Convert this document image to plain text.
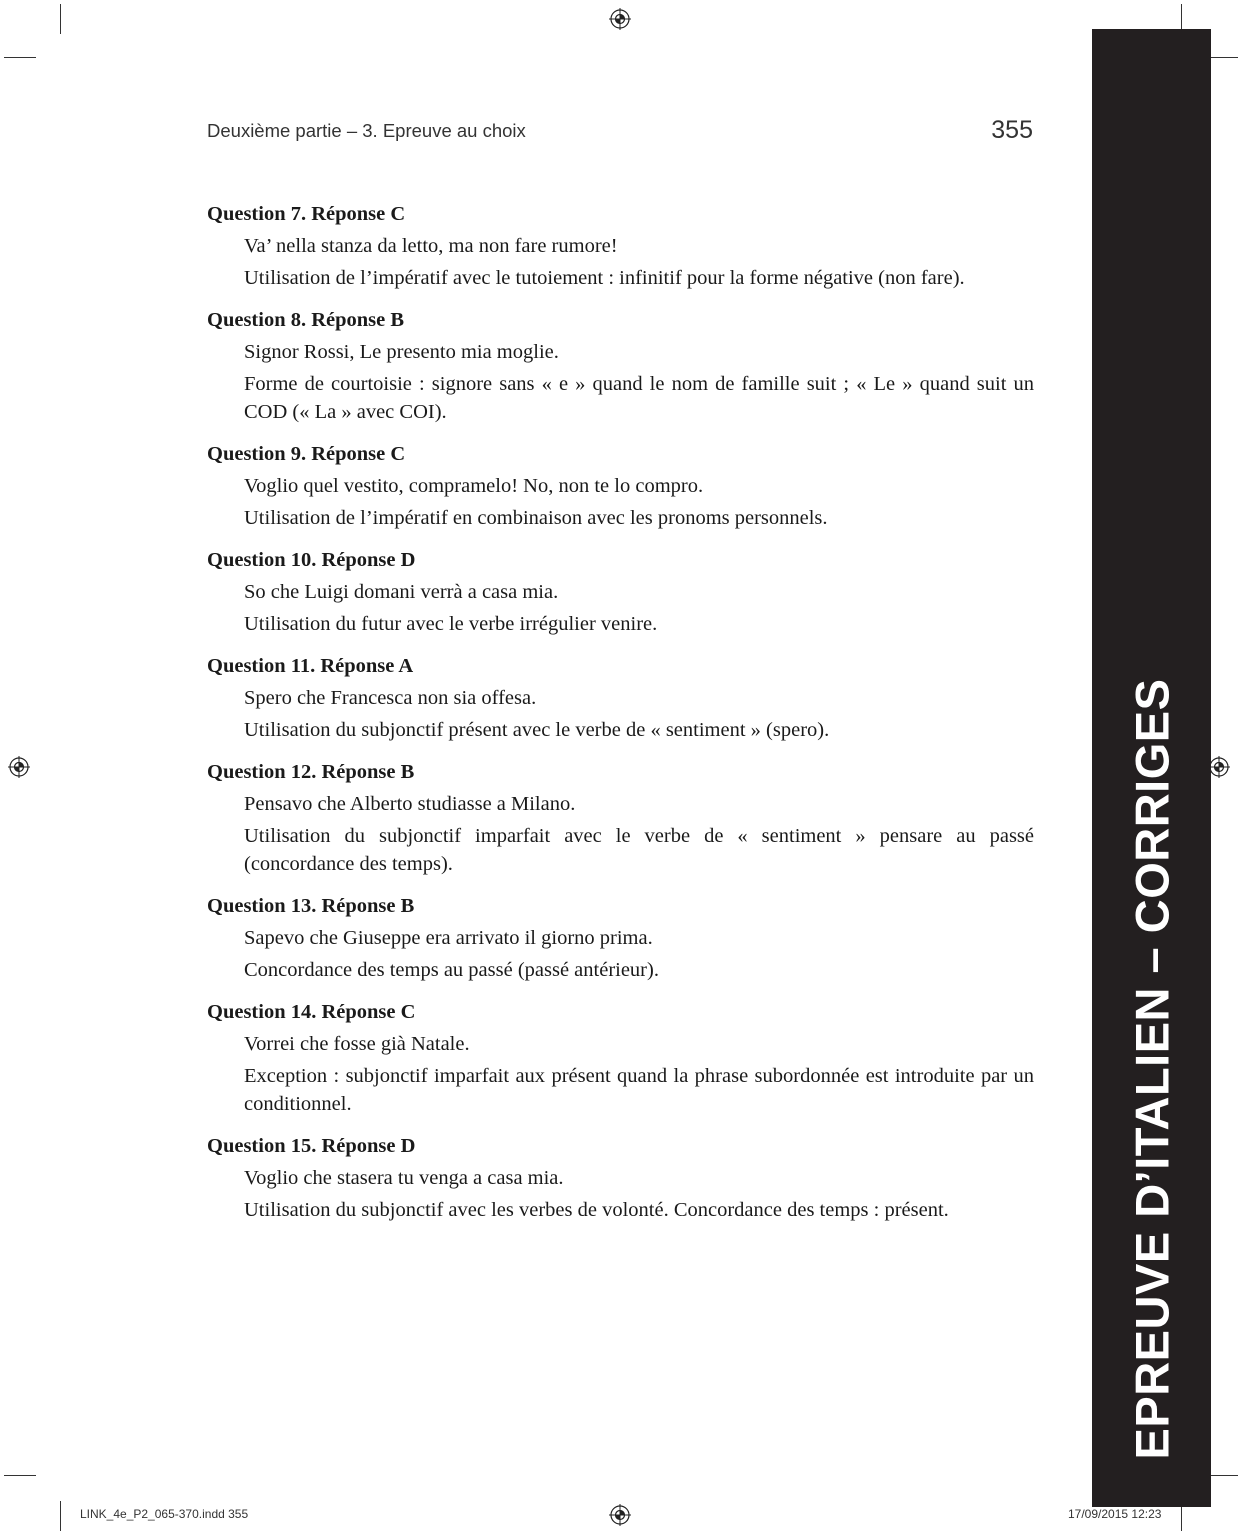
Deuxième partie – 3. Epreuve au choix	355
Question 7. Réponse C
Va’ nella stanza da letto, ma non fare rumore!
Utilisation de l’impératif avec le tutoiement : infinitif pour la forme négative (non fare).
Question 8. Réponse B
Signor Rossi, Le presento mia moglie.
Forme de courtoisie : signore sans « e » quand le nom de famille suit ; « Le » quand suit un COD (« La » avec COI).
Question 9. Réponse C
Voglio quel vestito, compramelo! No, non te lo compro.
Utilisation de l’impératif en combinaison avec les pronoms personnels.
Question 10. Réponse D
So che Luigi domani verrà a casa mia.
Utilisation du futur avec le verbe irrégulier venire.
Question 11. Réponse A
Spero che Francesca non sia offesa.
Utilisation du subjonctif présent avec le verbe de « sentiment » (spero).
Question 12. Réponse B
Pensavo che Alberto studiasse a Milano.
Utilisation du subjonctif imparfait avec le verbe de « sentiment » pensare au passé (concordance des temps).
Question 13. Réponse B
Sapevo che Giuseppe era arrivato il giorno prima.
Concordance des temps au passé (passé antérieur).
Question 14. Réponse C
Vorrei che fosse già Natale.
Exception : subjonctif imparfait aux présent quand la phrase subordonnée est introduite par un conditionnel.
Question 15. Réponse D
Voglio che stasera tu venga a casa mia.
Utilisation du subjonctif avec les verbes de volonté. Concordance des temps : présent.	EPREUVE D’ITALIEN – CORRIGES
LINK_4e_P2_065-370.indd 355	17/09/2015 12:23
